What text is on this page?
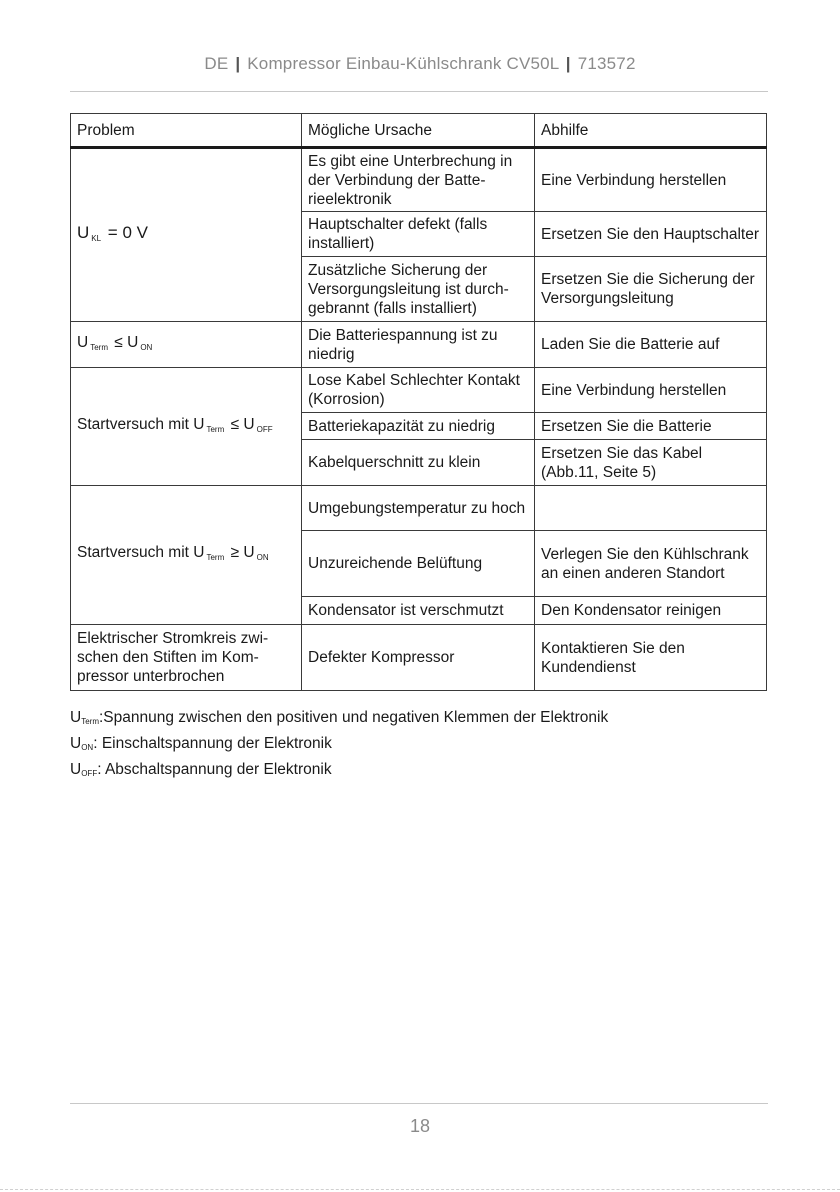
DE | Kompressor Einbau-Kühlschrank CV50L | 713572
Problem	Mögliche Ursache	Abhilfe
U $_{KL}$ = 0 V	Es gibt eine Unterbrechung in der Verbindung der Batterieelektronik	Eine Verbindung herstellen
	Hauptschalter defekt (falls installiert)	Ersetzen Sie den Hauptschalter
	Zusätzliche Sicherung der Versorgungsleitung ist durchgebrannt (falls installiert)	Ersetzen Sie die Sicherung der Versorgungsleitung
U $_{Term}$ ≤ U $_{ON}$	Die Batteriespannung ist zu niedrig	Laden Sie die Batterie auf
Startversuch mit U $_{Term}$ ≤ U $_{OFF}$	Lose Kabel Schlechter Kontakt (Korrosion)	Eine Verbindung herstellen
	Batteriekapazität zu niedrig	Ersetzen Sie die Batterie
	Kabelquerschnitt zu klein	Ersetzen Sie das Kabel (Abb.11, Seite 5)
Startversuch mit U $_{Term}$ ≥ U $_{ON}$	Umgebungstemperatur zu hoch	
	Unzureichende Belüftung	Verlegen Sie den Kühlschrank an einen anderen Standort
	Kondensator ist verschmutzt	Den Kondensator reinigen
Elektrischer Stromkreis zwischen den Stiften im Kompressor unterbrochen	Defekter Kompressor	Kontaktieren Sie den Kundendienst
$U_{Term}:Spannung$ zwischen den positiven und negativen Klemmen der Elektronik
$U_{ON}$: Einschaltspannung der Elektronik
$U_{OFF}$: Abschaltspannung der Elektronik
18
